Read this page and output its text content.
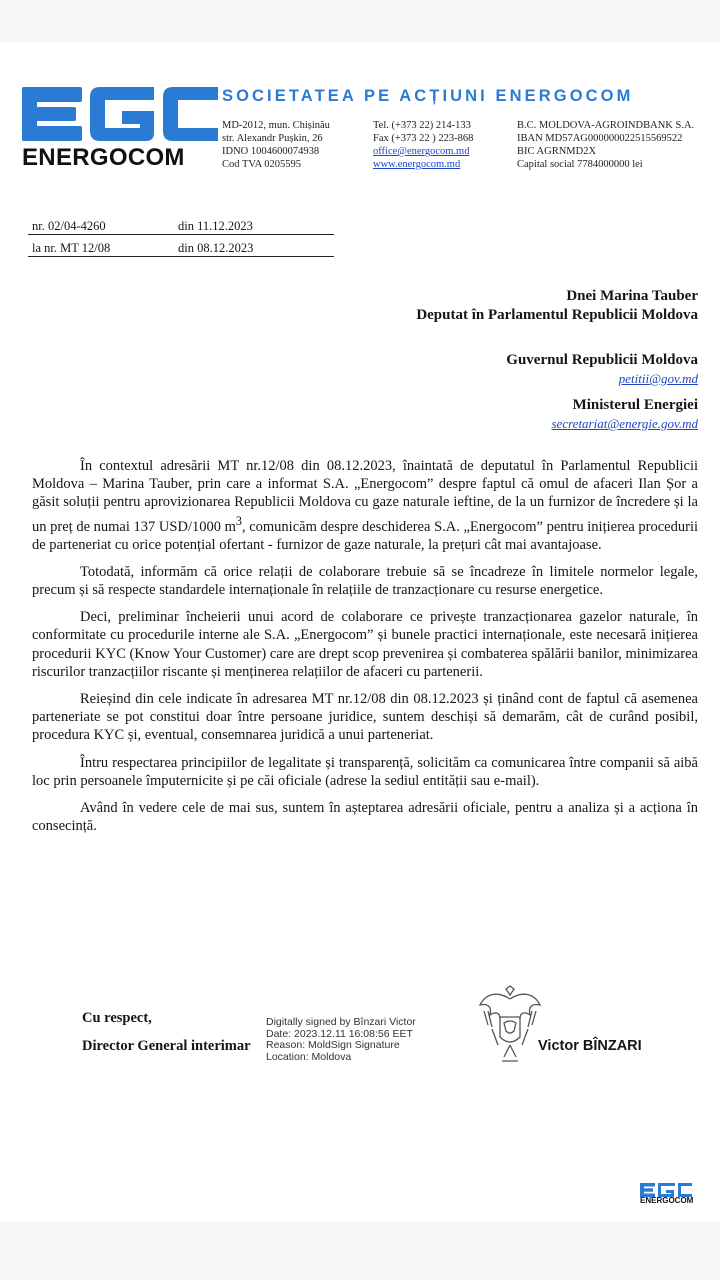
ENERGOCOM
SOCIETATEA PE ACȚIUNI ENERGOCOM
MD-2012, mun. Chișinău
str. Alexandr Pușkin, 26
IDNO 1004600074938
Cod TVA 0205595
Tel. (+373 22) 214-133
Fax (+373 22 ) 223-868
office@energocom.md
www.energocom.md
B.C. MOLDOVA-AGROINDBANK S.A.
IBAN MD57AG000000022515569522
BIC AGRNMD2X
Capital social 7784000000 lei
nr. 02/04-4260	din 11.12.2023
la nr. MT 12/08	din 08.12.2023
Dnei Marina Tauber
Deputat în Parlamentul Republicii Moldova
Guvernul Republicii Moldova
petitii@gov.md
Ministerul Energiei
secretariat@energie.gov.md

În contextul adresării MT nr.12/08 din 08.12.2023, înaintată de deputatul în Parlamentul Republicii Moldova – Marina Tauber, prin care a informat S.A. „Energocom” despre faptul că omul de afaceri Ilan Șor a găsit soluții pentru aprovizionarea Republicii Moldova cu gaze naturale ieftine, de la un furnizor de încredere și la un preț de numai 137 USD/1000 $m^3$, comunicăm despre deschiderea S.A. „Energocom” pentru inițierea procedurii de parteneriat cu orice potențial ofertant - furnizor de gaze naturale, la prețuri cât mai avantajoase.

Totodată, informăm că orice relații de colaborare trebuie să se încadreze în limitele normelor legale, precum și să respecte standardele internaționale în relațiile de tranzacționare cu resurse energetice.

Deci, preliminar încheierii unui acord de colaborare ce privește tranzacționarea gazelor naturale, în conformitate cu procedurile interne ale S.A. „Energocom” și bunele practici internaționale, este necesară inițierea procedurii KYC (Know Your Customer) care are drept scop prevenirea și combaterea spălării banilor, minimizarea riscurilor tranzacțiilor riscante și menținerea relațiilor de afaceri cu partenerii.

Reieșind din cele indicate în adresarea MT nr.12/08 din 08.12.2023 și ținând cont de faptul că asemenea parteneriate se pot constitui doar între persoane juridice, suntem deschiși să demarăm, cât de curând posibil, procedura KYC și, eventual, consemnarea juridică a unui parteneriat.

Întru respectarea principiilor de legalitate și transparență, solicităm ca comunicarea între companii să aibă loc prin persoanele împuternicite și pe căi oficiale (adrese la sediul entității sau e-mail).

Având în vedere cele de mai sus, suntem în așteptarea adresării oficiale, pentru a analiza și a acționa în consecință.

Cu respect,
Director General interimar
Digitally signed by Bînzari Victor
Date: 2023.12.11 16:08:56 EET
Reason: MoldSign Signature
Location: Moldova
Victor BÎNZARI
ENERGOCOM
